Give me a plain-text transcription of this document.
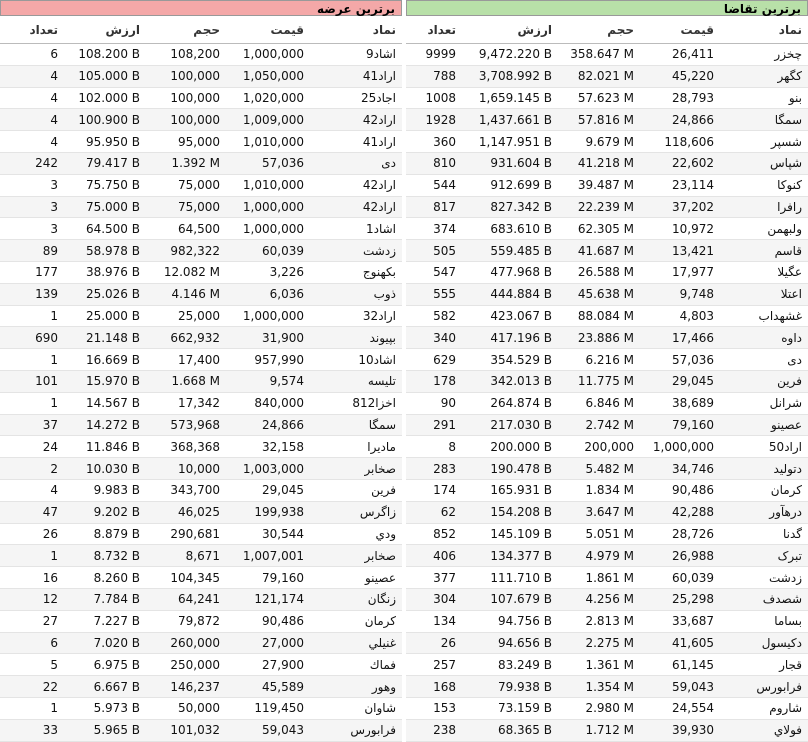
برترین عرضه
تعداد	ارزش	حجم	قیمت	نماد
6	108.200 B	108,200	1,000,000	اشاد9
4	105.000 B	100,000	1,050,000	اراد41
4	102.000 B	100,000	1,020,000	اجاد25
4	100.900 B	100,000	1,009,000	اراد42
4	95.950 B	95,000	1,010,000	اراد41
242	79.417 B	1.392 M	57,036	دی
3	75.750 B	75,000	1,010,000	اراد42
3	75.000 B	75,000	1,000,000	اراد42
3	64.500 B	64,500	1,000,000	اشاد1
89	58.978 B	982,322	60,039	زدشت
177	38.976 B	12.082 M	3,226	بکهنوج
139	25.026 B	4.146 M	6,036	ذوب
1	25.000 B	25,000	1,000,000	اراد32
690	21.148 B	662,932	31,900	بپیوند
1	16.669 B	17,400	957,990	اشاد10
101	15.970 B	1.668 M	9,574	تلیسه
1	14.567 B	17,342	840,000	اخزا812
37	14.272 B	573,968	24,866	سمگا
24	11.846 B	368,368	32,158	ماديرا
2	10.030 B	10,000	1,003,000	صخابر
4	9.983 B	343,700	29,045	فرین
47	9.202 B	46,025	199,938	زاگرس
26	8.879 B	290,681	30,544	ودي
1	8.732 B	8,671	1,007,001	صخابر
16	8.260 B	104,345	79,160	عصینو
12	7.784 B	64,241	121,174	زنگان
27	7.227 B	79,872	90,486	كرمان
6	7.020 B	260,000	27,000	غنيلي
5	6.975 B	250,000	27,900	فماك
22	6.667 B	146,237	45,589	وهور
1	5.973 B	50,000	119,450	شاوان
33	5.965 B	101,032	59,043	فرابورس
برترین تقاضا
تعداد	ارزش	حجم	قیمت	نماد
9999	9,472.220 B	358.647 M	26,411	چخزر
788	3,708.992 B	82.021 M	45,220	كگهر
1008	1,659.145 B	57.623 M	28,793	بنو
1928	1,437.661 B	57.816 M	24,866	سمگا
360	1,147.951 B	9.679 M	118,606	شسپر
810	931.604 B	41.218 M	22,602	شپاس
544	912.699 B	39.487 M	23,114	كنوكا
817	827.342 B	22.239 M	37,202	رافرا
374	683.610 B	62.305 M	10,972	ولبهمن
505	559.485 B	41.687 M	13,421	قاسم
547	477.968 B	26.588 M	17,977	عگيلا
555	444.884 B	45.638 M	9,748	اعتلا
582	423.067 B	88.084 M	4,803	غشهداب
340	417.196 B	23.886 M	17,466	داوه
629	354.529 B	6.216 M	57,036	دی
178	342.013 B	11.775 M	29,045	فرین
90	264.874 B	6.846 M	38,689	شرانل
291	217.030 B	2.742 M	79,160	عصینو
8	200.000 B	200,000	1,000,000	اراد50
283	190.478 B	5.482 M	34,746	دتولید
174	165.931 B	1.834 M	90,486	كرمان
62	154.208 B	3.647 M	42,288	درهآور
852	145.109 B	5.051 M	28,726	گدنا
406	134.377 B	4.979 M	26,988	تبرک
377	111.710 B	1.861 M	60,039	زدشت
304	107.679 B	4.256 M	25,298	شصدف
134	94.756 B	2.813 M	33,687	بساما
26	94.656 B	2.275 M	41,605	دكيسول
257	83.249 B	1.361 M	61,145	قجار
168	79.938 B	1.354 M	59,043	فرابورس
153	73.159 B	2.980 M	24,554	شاروم
238	68.365 B	1.712 M	39,930	فولاي
